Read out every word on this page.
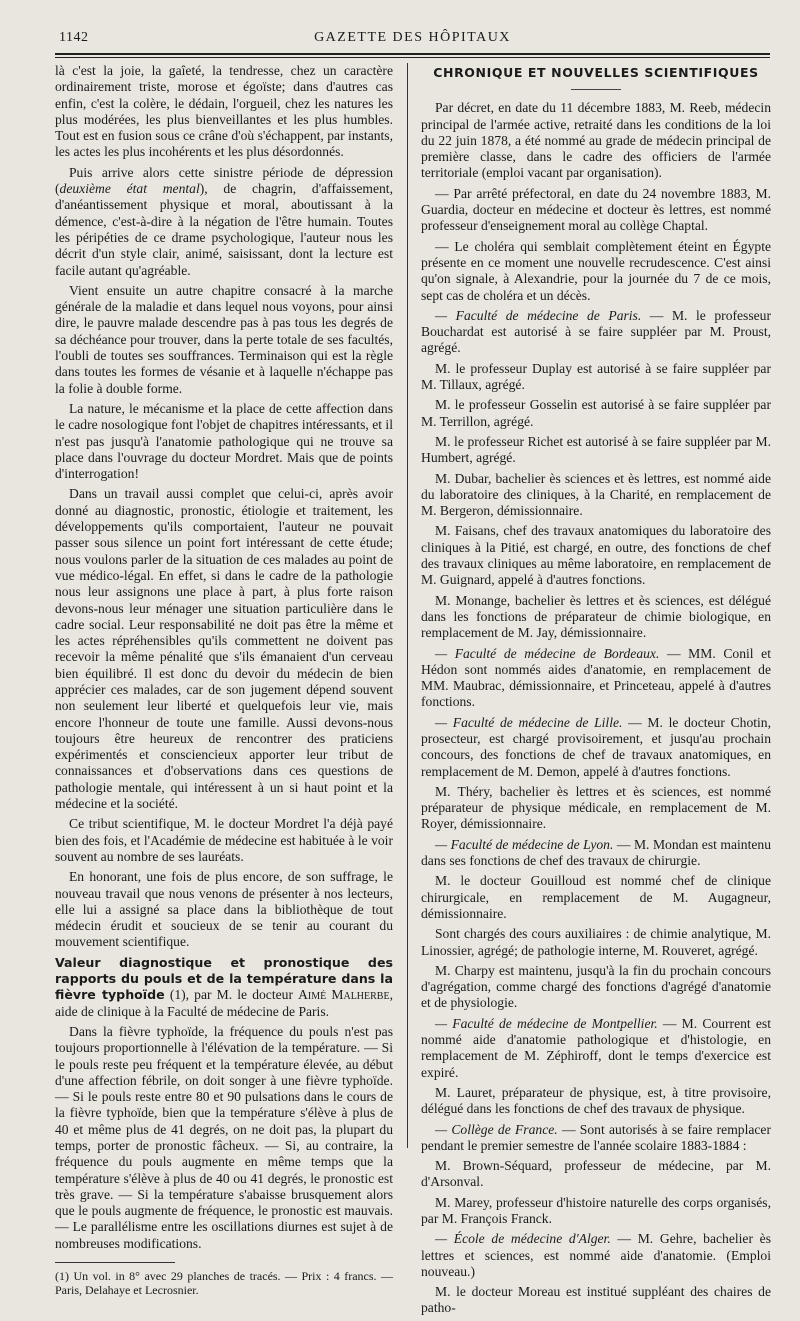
1142	GAZETTE DES HÔPITAUX

là c'est la joie, la gaîeté, la tendresse, chez un caractère ordinairement triste, morose et égoïste; dans d'autres cas enfin, c'est la colère, le dédain, l'orgueil, chez les natures les plus modérées, les plus bienveillantes et les plus humbles. Tout est en fusion sous ce crâne d'où s'échappent, par instants, les actes les plus incohérents et les plus désordonnés.

Puis arrive alors cette sinistre période de dépression (deuxième état mental), de chagrin, d'affaissement, d'anéantissement physique et moral, aboutissant à la démence, c'est-à-dire à la négation de l'être humain. Toutes les péripéties de ce drame psychologique, l'auteur nous les décrit d'un style clair, animé, saisissant, dont la lecture est facile autant qu'agréable.

Vient ensuite un autre chapitre consacré à la marche générale de la maladie et dans lequel nous voyons, pour ainsi dire, le pauvre malade descendre pas à pas tous les degrés de sa déchéance pour trouver, dans la perte totale de ses facultés, l'oubli de toutes ses souffrances. Terminaison qui est la règle dans toutes les formes de vésanie et à laquelle n'échappe pas la folie à double forme.

La nature, le mécanisme et la place de cette affection dans le cadre nosologique font l'objet de chapitres intéressants, et il n'est pas jusqu'à l'anatomie pathologique qui ne trouve sa place dans l'ouvrage du docteur Mordret. Mais que de points d'interrogation!

Dans un travail aussi complet que celui-ci, après avoir donné au diagnostic, pronostic, étiologie et traitement, les développements qu'ils comportaient, l'auteur ne pouvait passer sous silence un point fort intéressant de cette étude; nous voulons parler de la situation de ces malades au point de vue médico-légal. En effet, si dans le cadre de la pathologie nous leur assignons une place à part, à plus forte raison devons-nous leur ménager une situation particulière dans le cadre social. Leur responsabilité ne doit pas être la même et les actes répréhensibles qu'ils commettent ne doivent pas recevoir la même pénalité que s'ils émanaient d'un cerveau bien équilibré. Il est donc du devoir du médecin de bien apprécier ces malades, car de son jugement dépend souvent non seulement leur liberté et quelquefois leur vie, mais encore l'honneur de toute une famille. Aussi devons-nous toujours être heureux de rencontrer des praticiens expérimentés et consciencieux apporter leur tribut de connaissances et d'observations dans ces questions de pathologie mentale, qui intéressent à un si haut point et la médecine et la société.

Ce tribut scientifique, M. le docteur Mordret l'a déjà payé bien des fois, et l'Académie de médecine est habituée à le voir souvent au nombre de ses lauréats.

En honorant, une fois de plus encore, de son suffrage, le nouveau travail que nous venons de présenter à nos lecteurs, elle lui a assigné sa place dans la bibliothèque de tout médecin érudit et soucieux de se tenir au courant du mouvement scientifique.

Valeur diagnostique et pronostique des rapports du pouls et de la température dans la fièvre typhoïde (1), par M. le docteur Aimé Malherbe, aide de clinique à la Faculté de médecine de Paris.

Dans la fièvre typhoïde, la fréquence du pouls n'est pas toujours proportionnelle à l'élévation de la température. — Si le pouls reste peu fréquent et la température élevée, au début d'une affection fébrile, on doit songer à une fièvre typhoïde. — Si le pouls reste entre 80 et 90 pulsations dans le cours de la fièvre typhoïde, bien que la température s'élève à plus de 40 et même plus de 41 degrés, on ne doit pas, la plupart du temps, porter de pronostic fâcheux. — Si, au contraire, la fréquence du pouls augmente en même temps que la température s'élève à plus de 40 ou 41 degrés, le pronostic est très grave. — Si la température s'abaisse brusquement alors que le pouls augmente de fréquence, le pronostic est mauvais. — Le parallélisme entre les oscillations diurnes est sujet à de nombreuses modifications.

(1) Un vol. in 8° avec 29 planches de tracés. — Prix : 4 francs. — Paris, Delahaye et Lecrosnier.

CHRONIQUE ET NOUVELLES SCIENTIFIQUES

Par décret, en date du 11 décembre 1883, M. Reeb, médecin principal de l'armée active, retraité dans les conditions de la loi du 22 juin 1878, a été nommé au grade de médecin principal de première classe, dans le cadre des officiers de l'armée territoriale (emploi vacant par organisation).

— Par arrêté préfectoral, en date du 24 novembre 1883, M. Guardia, docteur en médecine et docteur ès lettres, est nommé professeur d'enseignement moral au collège Chaptal.

— Le choléra qui semblait complètement éteint en Égypte présente en ce moment une nouvelle recrudescence. C'est ainsi qu'on signale, à Alexandrie, pour la journée du 7 de ce mois, sept cas de choléra et un décès.

— Faculté de médecine de Paris. — M. le professeur Bouchardat est autorisé à se faire suppléer par M. Proust, agrégé.

M. le professeur Duplay est autorisé à se faire suppléer par M. Tillaux, agrégé.

M. le professeur Gosselin est autorisé à se faire suppléer par M. Terrillon, agrégé.

M. le professeur Richet est autorisé à se faire suppléer par M. Humbert, agrégé.

M. Dubar, bachelier ès sciences et ès lettres, est nommé aide du laboratoire des cliniques, à la Charité, en remplacement de M. Bergeron, démissionnaire.

M. Faisans, chef des travaux anatomiques du laboratoire des cliniques à la Pitié, est chargé, en outre, des fonctions de chef des travaux cliniques au même laboratoire, en remplacement de M. Guignard, appelé à d'autres fonctions.

M. Monange, bachelier ès lettres et ès sciences, est délégué dans les fonctions de préparateur de chimie biologique, en remplacement de M. Jay, démissionnaire.

— Faculté de médecine de Bordeaux. — MM. Conil et Hédon sont nommés aides d'anatomie, en remplacement de MM. Maubrac, démissionnaire, et Princeteau, appelé à d'autres fonctions.

— Faculté de médecine de Lille. — M. le docteur Chotin, prosecteur, est chargé provisoirement, et jusqu'au prochain concours, des fonctions de chef de travaux anatomiques, en remplacement de M. Demon, appelé à d'autres fonctions.

M. Théry, bachelier ès lettres et ès sciences, est nommé préparateur de physique médicale, en remplacement de M. Royer, démissionnaire.

— Faculté de médecine de Lyon. — M. Mondan est maintenu dans ses fonctions de chef des travaux de chirurgie.

M. le docteur Gouilloud est nommé chef de clinique chirurgicale, en remplacement de M. Augagneur, démissionnaire.

Sont chargés des cours auxiliaires : de chimie analytique, M. Linossier, agrégé; de pathologie interne, M. Rouveret, agrégé.

M. Charpy est maintenu, jusqu'à la fin du prochain concours d'agrégation, comme chargé des fonctions d'agrégé d'anatomie et de physiologie.

— Faculté de médecine de Montpellier. — M. Courrent est nommé aide d'anatomie pathologique et d'histologie, en remplacement de M. Zéphiroff, dont le temps d'exercice est expiré.

M. Lauret, préparateur de physique, est, à titre provisoire, délégué dans les fonctions de chef des travaux de physique.

— Collège de France. — Sont autorisés à se faire remplacer pendant le premier semestre de l'année scolaire 1883-1884 :

M. Brown-Séquard, professeur de médecine, par M. d'Arsonval.

M. Marey, professeur d'histoire naturelle des corps organisés, par M. François Franck.

— École de médecine d'Alger. — M. Gehre, bachelier ès lettres et sciences, est nommé aide d'anatomie. (Emploi nouveau.)

M. le docteur Moreau est institué suppléant des chaires de patho-
